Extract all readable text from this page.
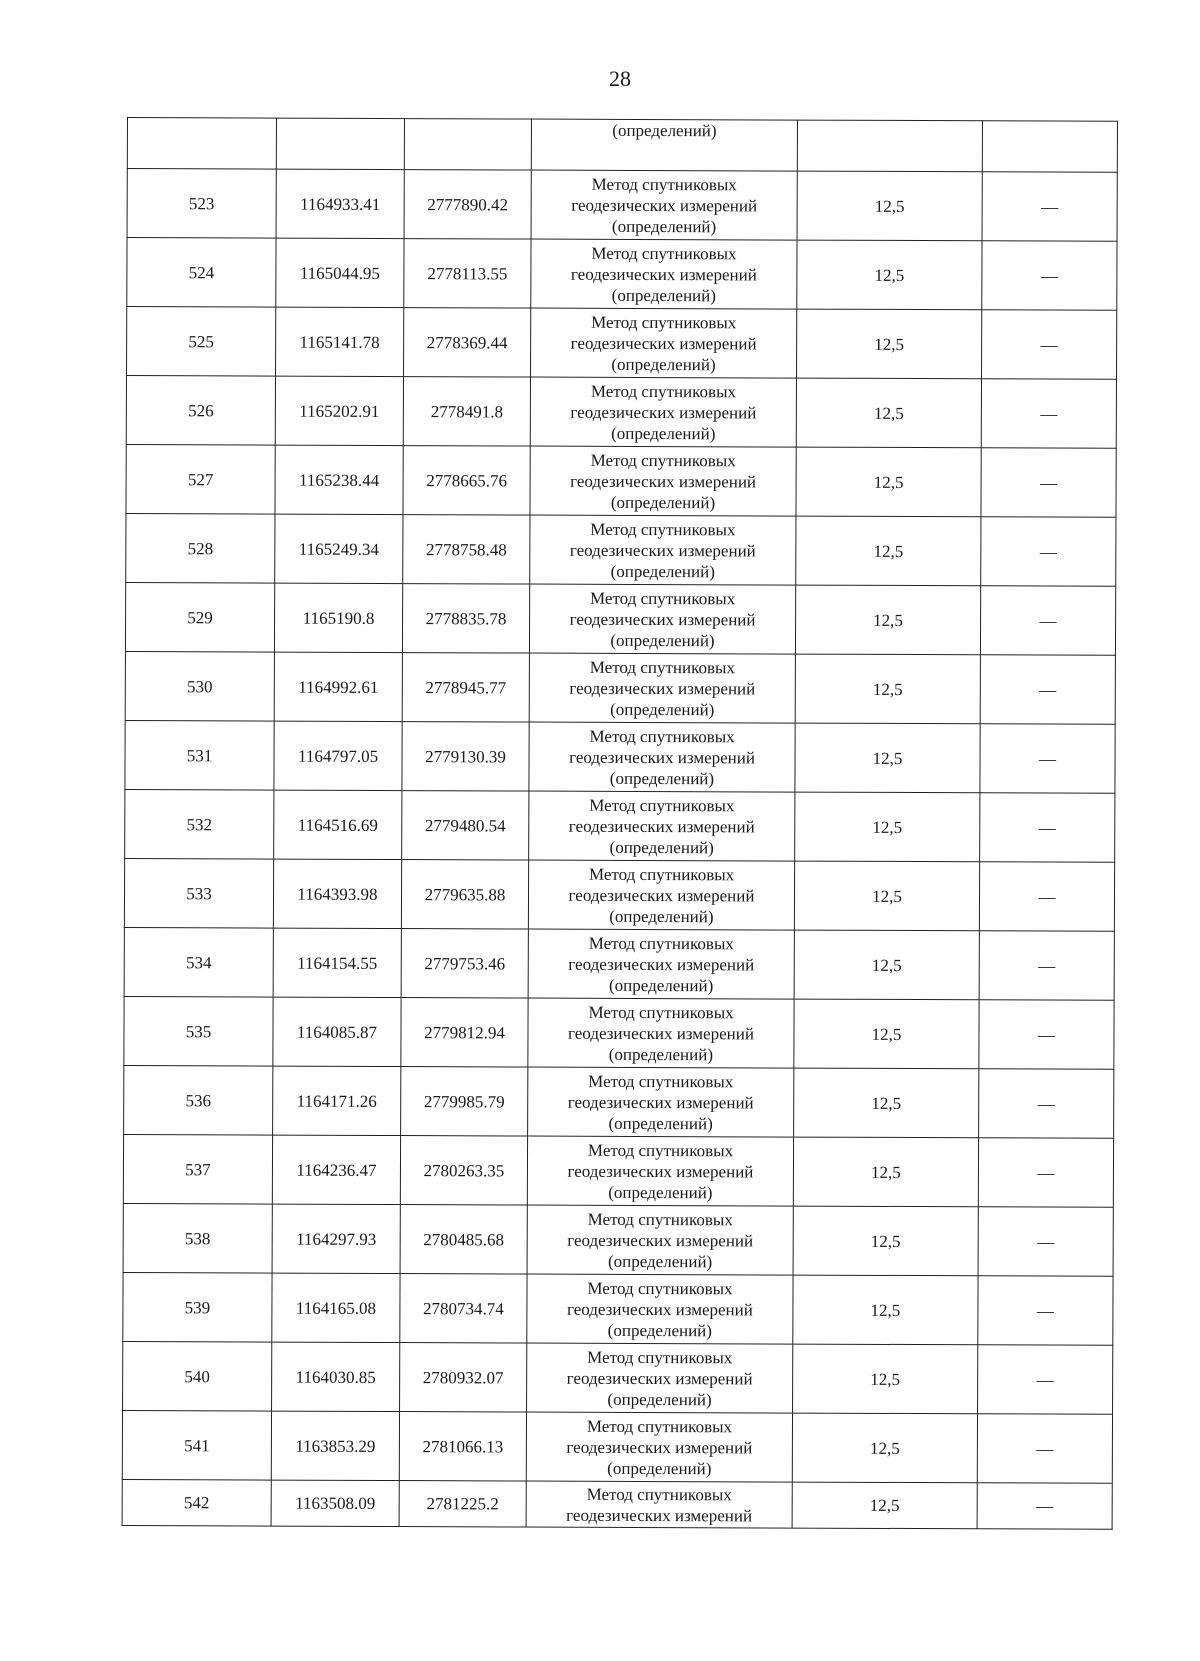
28
			(определений)		
523	1164933.41	2777890.42	Метод спутниковых
геодезических измерений
(определений)	12,5	—
524	1165044.95	2778113.55	Метод спутниковых
геодезических измерений
(определений)	12,5	—
525	1165141.78	2778369.44	Метод спутниковых
геодезических измерений
(определений)	12,5	—
526	1165202.91	2778491.8	Метод спутниковых
геодезических измерений
(определений)	12,5	—
527	1165238.44	2778665.76	Метод спутниковых
геодезических измерений
(определений)	12,5	—
528	1165249.34	2778758.48	Метод спутниковых
геодезических измерений
(определений)	12,5	—
529	1165190.8	2778835.78	Метод спутниковых
геодезических измерений
(определений)	12,5	—
530	1164992.61	2778945.77	Метод спутниковых
геодезических измерений
(определений)	12,5	—
531	1164797.05	2779130.39	Метод спутниковых
геодезических измерений
(определений)	12,5	—
532	1164516.69	2779480.54	Метод спутниковых
геодезических измерений
(определений)	12,5	—
533	1164393.98	2779635.88	Метод спутниковых
геодезических измерений
(определений)	12,5	—
534	1164154.55	2779753.46	Метод спутниковых
геодезических измерений
(определений)	12,5	—
535	1164085.87	2779812.94	Метод спутниковых
геодезических измерений
(определений)	12,5	—
536	1164171.26	2779985.79	Метод спутниковых
геодезических измерений
(определений)	12,5	—
537	1164236.47	2780263.35	Метод спутниковых
геодезических измерений
(определений)	12,5	—
538	1164297.93	2780485.68	Метод спутниковых
геодезических измерений
(определений)	12,5	—
539	1164165.08	2780734.74	Метод спутниковых
геодезических измерений
(определений)	12,5	—
540	1164030.85	2780932.07	Метод спутниковых
геодезических измерений
(определений)	12,5	—
541	1163853.29	2781066.13	Метод спутниковых
геодезических измерений
(определений)	12,5	—
542	1163508.09	2781225.2	Метод спутниковых
геодезических измерений	12,5	—
